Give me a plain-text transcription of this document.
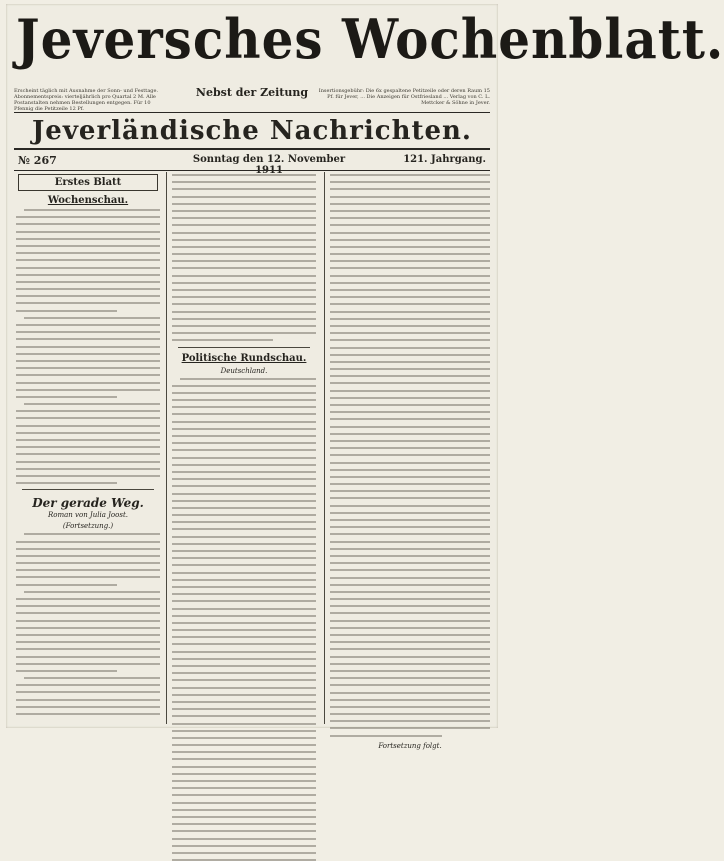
Jeversches Wochenblatt.
Erscheint täglich mit Ausnahme der Sonn- und Festtage. Abonnementspreis: vierteljährlich pro Quartal 2 M. Alle Postanstalten nehmen Bestellungen entgegen. Für 10 Pfennig die Petitzeile 12 Pf.
Nebst der Zeitung	Insertionsgebühr: Die 6x gespaltene Petitzeile oder deren Raum 15 Pf. für Jever, ... Die Anzeigen für Ostfriesland ... Verlag von C. L. Mettcker & Söhne in Jever.
Jeverländische Nachrichten.
№ 267	Sonntag den 12. November	121. Jahrgang.
Erstes Blatt
Wochenschau.
Der gerade Weg.
Roman von Julia Joost.
(Fortsetzung.)
Politische Rundschau.
Deutschland.
Fortsetzung folgt.
